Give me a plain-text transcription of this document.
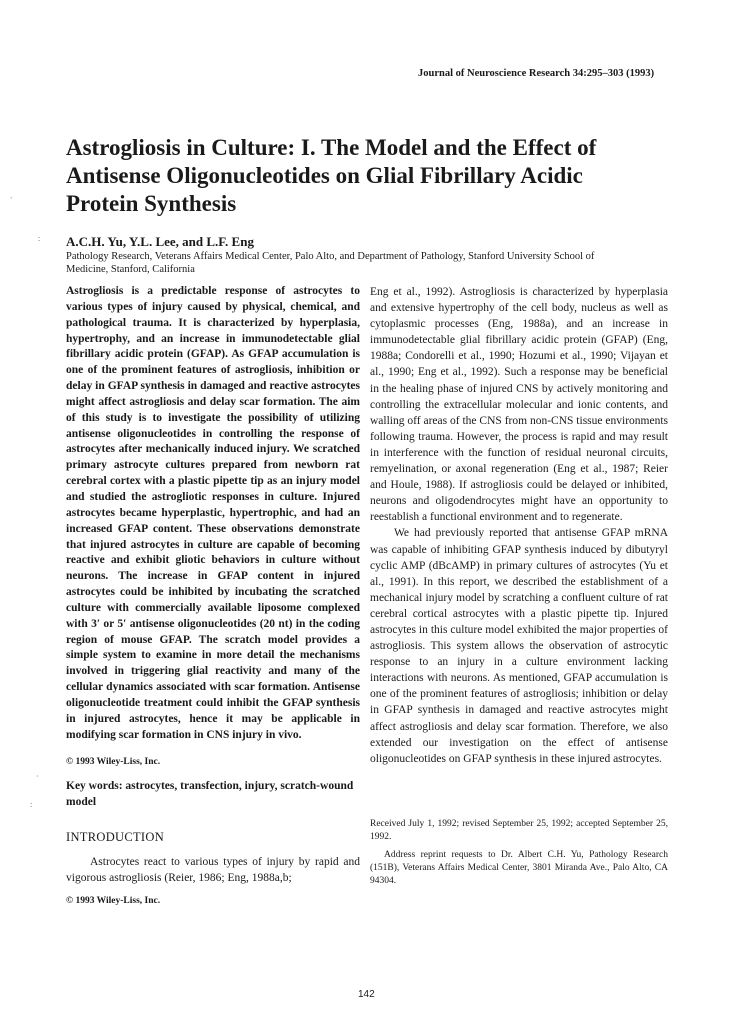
Journal of Neuroscience Research 34:295–303 (1993)
Astrogliosis in Culture: I. The Model and the Effect of Antisense Oligonucleotides on Glial Fibrillary Acidic Protein Synthesis
A.C.H. Yu, Y.L. Lee, and L.F. Eng
Pathology Research, Veterans Affairs Medical Center, Palo Alto, and Department of Pathology, Stanford University School of Medicine, Stanford, California

Astrogliosis is a predictable response of astrocytes to various types of injury caused by physical, chemical, and pathological trauma. It is characterized by hyperplasia, hypertrophy, and an increase in immunodetectable glial fibrillary acidic protein (GFAP). As GFAP accumulation is one of the prominent features of astrogliosis, inhibition or delay in GFAP synthesis in damaged and reactive astrocytes might affect astrogliosis and delay scar formation. The aim of this study is to investigate the possibility of utilizing antisense oligonucleotides in controlling the response of astrocytes after mechanically induced injury. We scratched primary astrocyte cultures prepared from newborn rat cerebral cortex with a plastic pipette tip as an injury model and studied the astrogliotic responses in culture. Injured astrocytes became hyperplastic, hypertrophic, and had an increased GFAP content. These observations demonstrate that injured astrocytes in culture are capable of becoming reactive and exhibit gliotic behaviors in culture without neurons. The increase in GFAP content in injured astrocytes could be inhibited by incubating the scratched culture with commercially available liposome complexed with 3′ or 5′ antisense oligonucleotides (20 nt) in the coding region of mouse GFAP. The scratch model provides a simple system to examine in more detail the mechanisms involved in triggering glial reactivity and many of the cellular dynamics associated with scar formation. Antisense oligonucleotide treatment could inhibit the GFAP synthesis in injured astrocytes, hence it may be applicable in modifying scar formation in CNS injury in vivo.

© 1993 Wiley-Liss, Inc.
Key words: astrocytes, transfection, injury, scratch-wound model
INTRODUCTION

Astrocytes react to various types of injury by rapid and vigorous astrogliosis (Reier, 1986; Eng, 1988a,b;

© 1993 Wiley-Liss, Inc.

Eng et al., 1992). Astrogliosis is characterized by hyperplasia and extensive hypertrophy of the cell body, nucleus as well as cytoplasmic processes (Eng, 1988a), and an increase in immunodetectable glial fibrillary acidic protein (GFAP) (Eng, 1988a; Condorelli et al., 1990; Hozumi et al., 1990; Vijayan et al., 1990; Eng et al., 1992). Such a response may be beneficial in the healing phase of injured CNS by actively monitoring and controlling the extracellular molecular and ionic contents, and walling off areas of the CNS from non-CNS tissue environments following trauma. However, the process is rapid and may result in interference with the function of residual neuronal circuits, remyelination, or axonal regeneration (Eng et al., 1987; Reier and Houle, 1988). If astrogliosis could be delayed or inhibited, neurons and oligodendrocytes might have an opportunity to reestablish a functional environment and to regenerate.

We had previously reported that antisense GFAP mRNA was capable of inhibiting GFAP synthesis induced by dibutyryl cyclic AMP (dBcAMP) in primary cultures of astrocytes (Yu et al., 1991). In this report, we described the establishment of a mechanical injury model by scratching a confluent culture of rat cerebral cortical astrocytes with a plastic pipette tip. Injured astrocytes in this culture model exhibited the major properties of astrogliosis. This system allows the observation of astrocytic response to an injury in a culture environment lacking interactions with neurons. As mentioned, GFAP accumulation is one of the prominent features of astrogliosis; inhibition or delay in GFAP synthesis in damaged and reactive astrocytes might affect astrogliosis and delay scar formation. Therefore, we also extended our investigation on the effect of antisense oligonucleotides on GFAP synthesis in these injured astrocytes.

Received July 1, 1992; revised September 25, 1992; accepted September 25, 1992.

Address reprint requests to Dr. Albert C.H. Yu, Pathology Research (151B), Veterans Affairs Medical Center, 3801 Miranda Ave., Palo Alto, CA 94304.

142
ˋ
:
·
:
